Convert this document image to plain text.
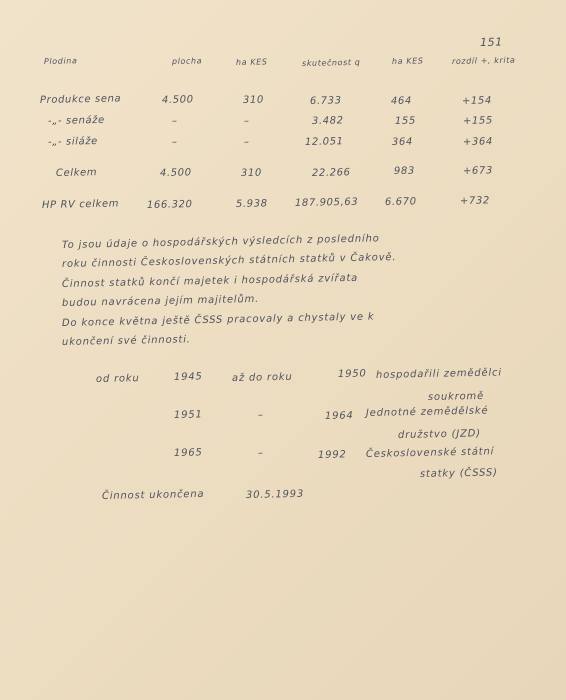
151
Plodina	plocha	ha KES	skutečnost q	ha KES	rozdíl +, krita
Produkce sena	4.500	310	6.733	464	+154
-„- senáže	–	–	3.482	155	+155
-„- siláže	–	–	12.051	364	+364
Celkem	4.500	310	22.266	983	+673
HP RV celkem	166.320	5.938	187.905,63	6.670	+732
To jsou údaje o hospodářských výsledcích z posledního
roku činnosti Československých státních statků v Čakově.
Činnost statků končí majetek i hospodářská zvířata
budou navrácena jejím majitelům.
Do konce května ještě ČSSS pracovaly a chystaly ve k
ukončení své činnosti.
od roku	1945	až do roku	1950 hospodařili zemědělci
soukromě
1951	–	1964 Jednotné zemědělské
družstvo (JZD)
1965	–	1992 Československé státní
statky (ČSSS)
Činnost ukončena	30.5.1993
